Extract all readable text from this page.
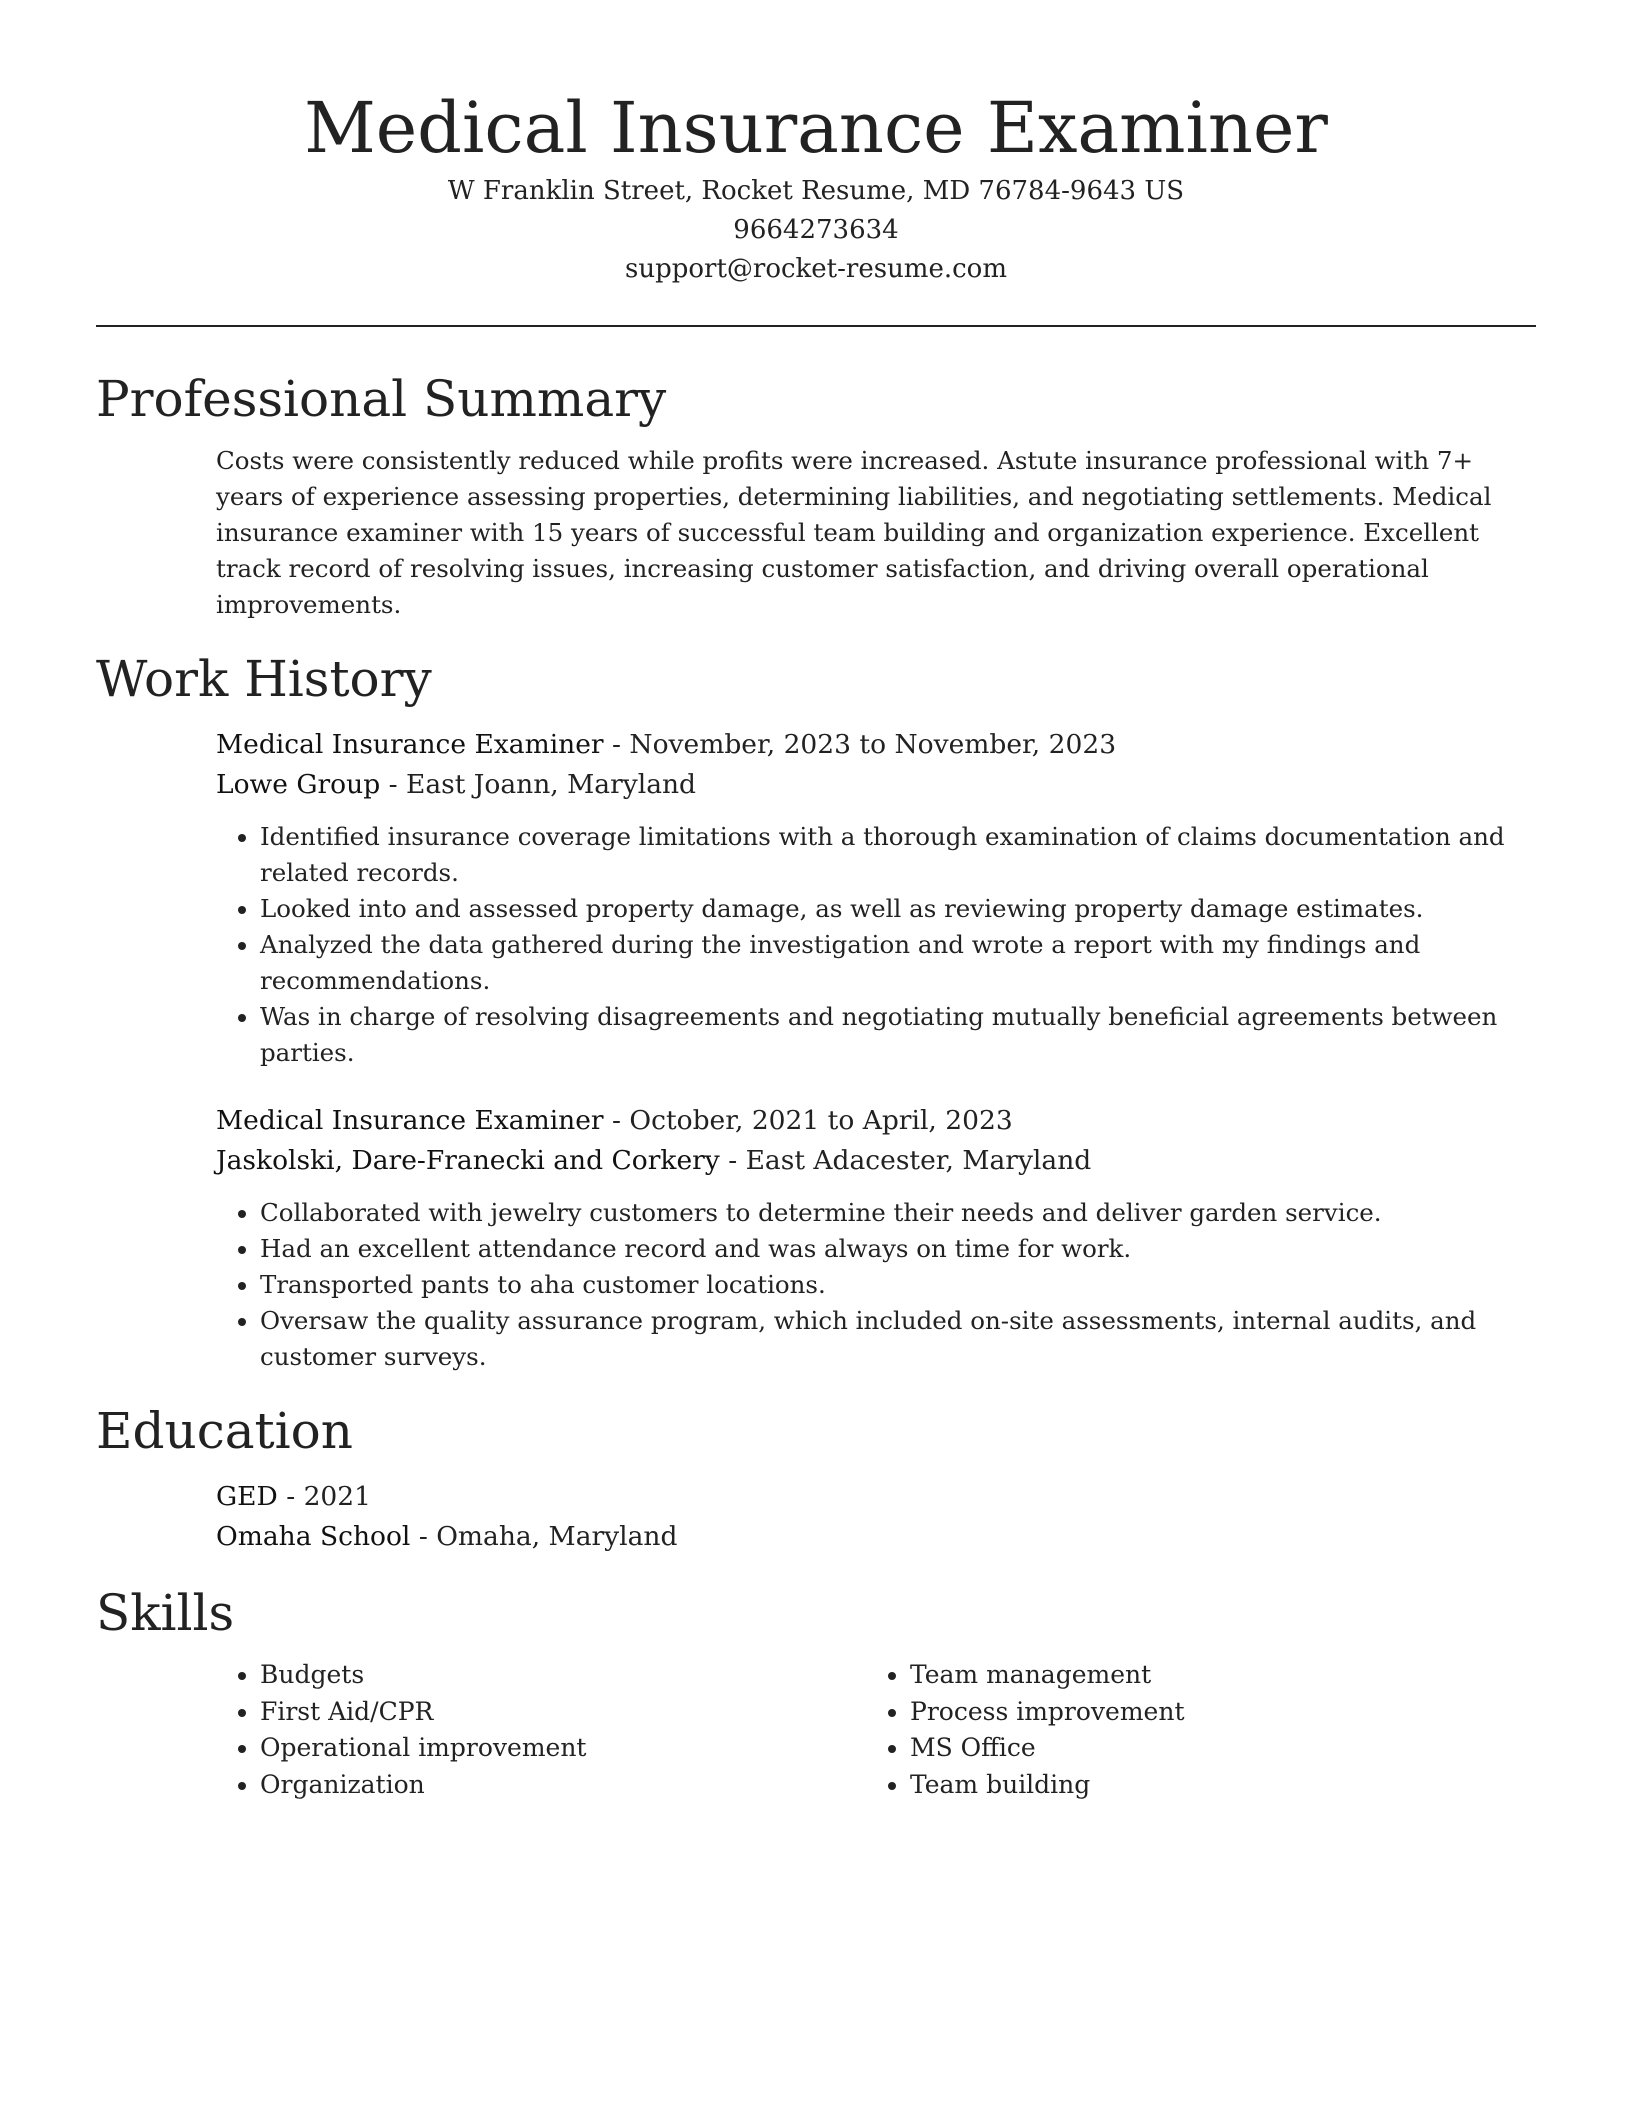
Medical Insurance Examiner
W Franklin Street, Rocket Resume, MD 76784-9643 US
9664273634
support@rocket-resume.com
Professional Summary

Costs were consistently reduced while profits were increased. Astute insurance professional with 7+ years of experience assessing properties, determining liabilities, and negotiating settlements. Medical insurance examiner with 15 years of successful team building and organization experience. Excellent track record of resolving issues, increasing customer satisfaction, and driving overall operational improvements.

Work History

Medical Insurance Examiner - November, 2023 to November, 2023

Lowe Group - East Joann, Maryland

• Identified insurance coverage limitations with a thorough examination of claims documentation and related records.
• Looked into and assessed property damage, as well as reviewing property damage estimates.
• Analyzed the data gathered during the investigation and wrote a report with my findings and recommendations.
• Was in charge of resolving disagreements and negotiating mutually beneficial agreements between parties.

Medical Insurance Examiner - October, 2021 to April, 2023

Jaskolski, Dare-Franecki and Corkery - East Adacester, Maryland

• Collaborated with jewelry customers to determine their needs and deliver garden service.
• Had an excellent attendance record and was always on time for work.
• Transported pants to aha customer locations.
• Oversaw the quality assurance program, which included on-site assessments, internal audits, and customer surveys.
Education

GED - 2021

Omaha School - Omaha, Maryland

Skills
• Budgets
• First Aid/CPR
• Operational improvement
• Organization
• Team management
• Process improvement
• MS Office
• Team building
